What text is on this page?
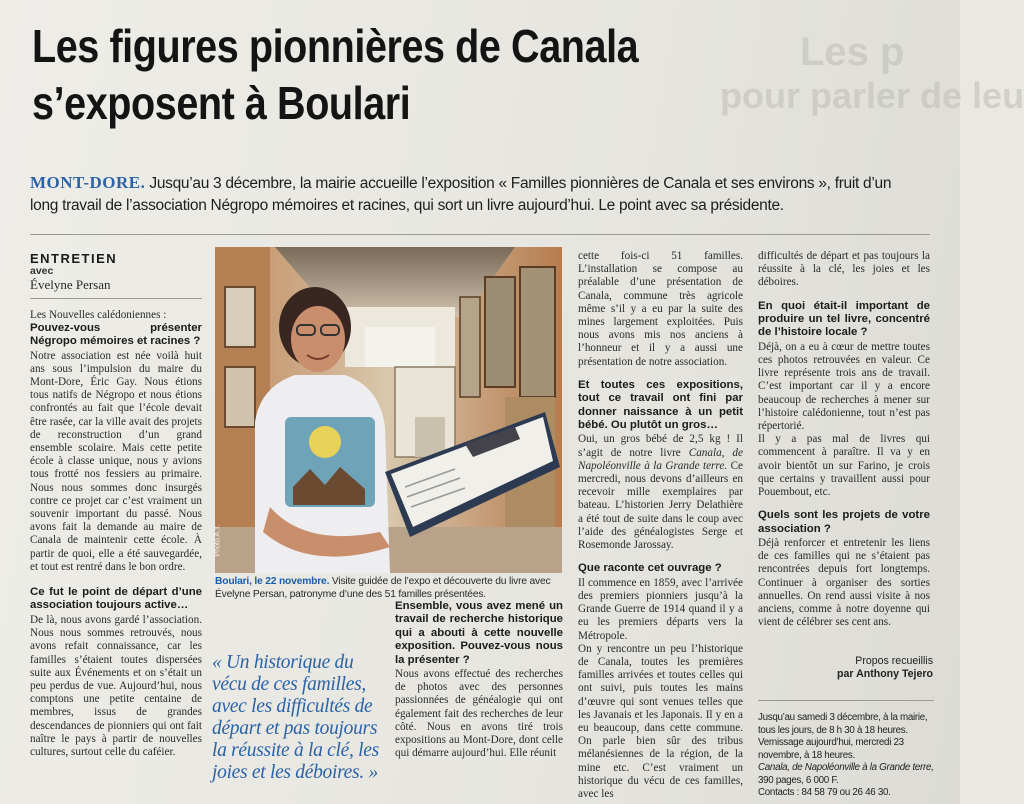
Les p
pour parler de leu
Les figures pionnières de Canala
s’exposent à Boulari

MONT-DORE. Jusqu’au 3 décembre, la mairie accueille l’exposition « Familles pionnières de Canala et ses environs », fruit d’un long travail de l’association Négropo mémoires et racines, qui sort un livre aujourd’hui. Le point avec sa présidente.

ENTRETIEN
avec
Évelyne Persan

Les Nouvelles calédoniennes :

Pouvez-vous présenter Négropo mémoires et racines ?

Notre association est née voilà huit ans sous l’impulsion du maire du Mont-Dore, Éric Gay. Nous étions tous natifs de Négropo et nous étions confrontés au fait que l’école devait être rasée, car la ville avait des projets de reconstruction d’un grand ensemble scolaire. Mais cette petite école à classe unique, nous y avions tous frotté nos fessiers au primaire. Nous nous sommes donc insurgés contre ce projet car c’est vraiment un souvenir important du passé. Nous avons fait la demande au maire de Canala de maintenir cette école. À partir de quoi, elle a été sauvegardée, et tout est rentré dans le bon ordre.

Ce fut le point de départ d’une association toujours active…

De là, nous avons gardé l’association. Nous nous sommes retrouvés, nous avons refait connaissance, car les familles s’étaient toutes dispersées suite aux Événements et on s’était un peu perdus de vue. Aujourd’hui, nous comptons une petite centaine de membres, issus de grandes descendances de pionniers qui ont fait naître le pays à partir de nouvelles cultures, surtout celle du caféier.

Photo A.T.
Boulari, le 22 novembre. Visite guidée de l’expo et découverte du livre avec Évelyne Persan, patronyme d’une des 51 familles présentées.
« Un historique du vécu de ces familles, avec les difficultés de départ et pas toujours la réussite à la clé, les joies et les déboires. »
Ensemble, vous avez mené un travail de recherche historique qui a abouti à cette nouvelle exposition. Pouvez-vous nous la présenter ?

Nous avons effectué des recherches de photos avec des personnes passionnées de généalogie qui ont également fait des recherches de leur côté. Nous en avons tiré trois expositions au Mont-Dore, dont celle qui démarre aujourd’hui. Elle réunit

cette fois-ci 51 familles. L’installation se compose au préalable d’une présentation de Canala, commune très agricole même s’il y a eu par la suite des mines largement exploitées. Puis nous avons mis nos anciens à l’honneur et il y a aussi une présentation de notre association.

Et toutes ces expositions, tout ce travail ont fini par donner naissance à un petit bébé. Ou plutôt un gros…

Oui, un gros bébé de 2,5 kg ! Il s’agit de notre livre Canala, de Napoléonville à la Grande terre. Ce mercredi, nous devons d’ailleurs en recevoir mille exemplaires par bateau. L’historien Jerry Delathière a été tout de suite dans le coup avec l’aide des généalogistes Serge et Rosemonde Jarossay.

Que raconte cet ouvrage ?

Il commence en 1859, avec l’arrivée des premiers pionniers jusqu’à la Grande Guerre de 1914 quand il y a eu les premiers départs vers la Métropole.

On y rencontre un peu l’historique de Canala, toutes les premières familles arrivées et toutes celles qui ont suivi, puis toutes les mains d’œuvre qui sont venues telles que les Javanais et les Japonais. Il y en a eu beaucoup, dans cette commune. On parle bien sûr des tribus mélanésiennes de la région, de la mine etc. C’est vraiment un historique du vécu de ces familles, avec les

difficultés de départ et pas toujours la réussite à la clé, les joies et les déboires.

En quoi était-il important de produire un tel livre, concentré de l’histoire locale ?

Déjà, on a eu à cœur de mettre toutes ces photos retrouvées en valeur. Ce livre représente trois ans de travail. C’est important car il y a encore beaucoup de recherches à mener sur l’histoire calédonienne, tout n’est pas répertorié.

Il y a pas mal de livres qui commencent à paraître. Il va y en avoir bientôt un sur Farino, je crois que certains y travaillent aussi pour Pouembout, etc.

Quels sont les projets de votre association ?

Déjà renforcer et entretenir les liens de ces familles qui ne s’étaient pas rencontrées depuis fort longtemps. Continuer à organiser des sorties annuelles. On rend aussi visite à nos anciens, comme à notre doyenne qui vient de célébrer ses cent ans.

Propos recueillis
par Anthony Tejero
Jusqu’au samedi 3 décembre, à la mairie, tous les jours, de 8 h 30 à 18 heures.
Vernissage aujourd’hui, mercredi 23 novembre, à 18 heures.
Canala, de Napoléonville à la Grande terre, 390 pages, 6 000 F.
Contacts : 84 58 79 ou 26 46 30.
